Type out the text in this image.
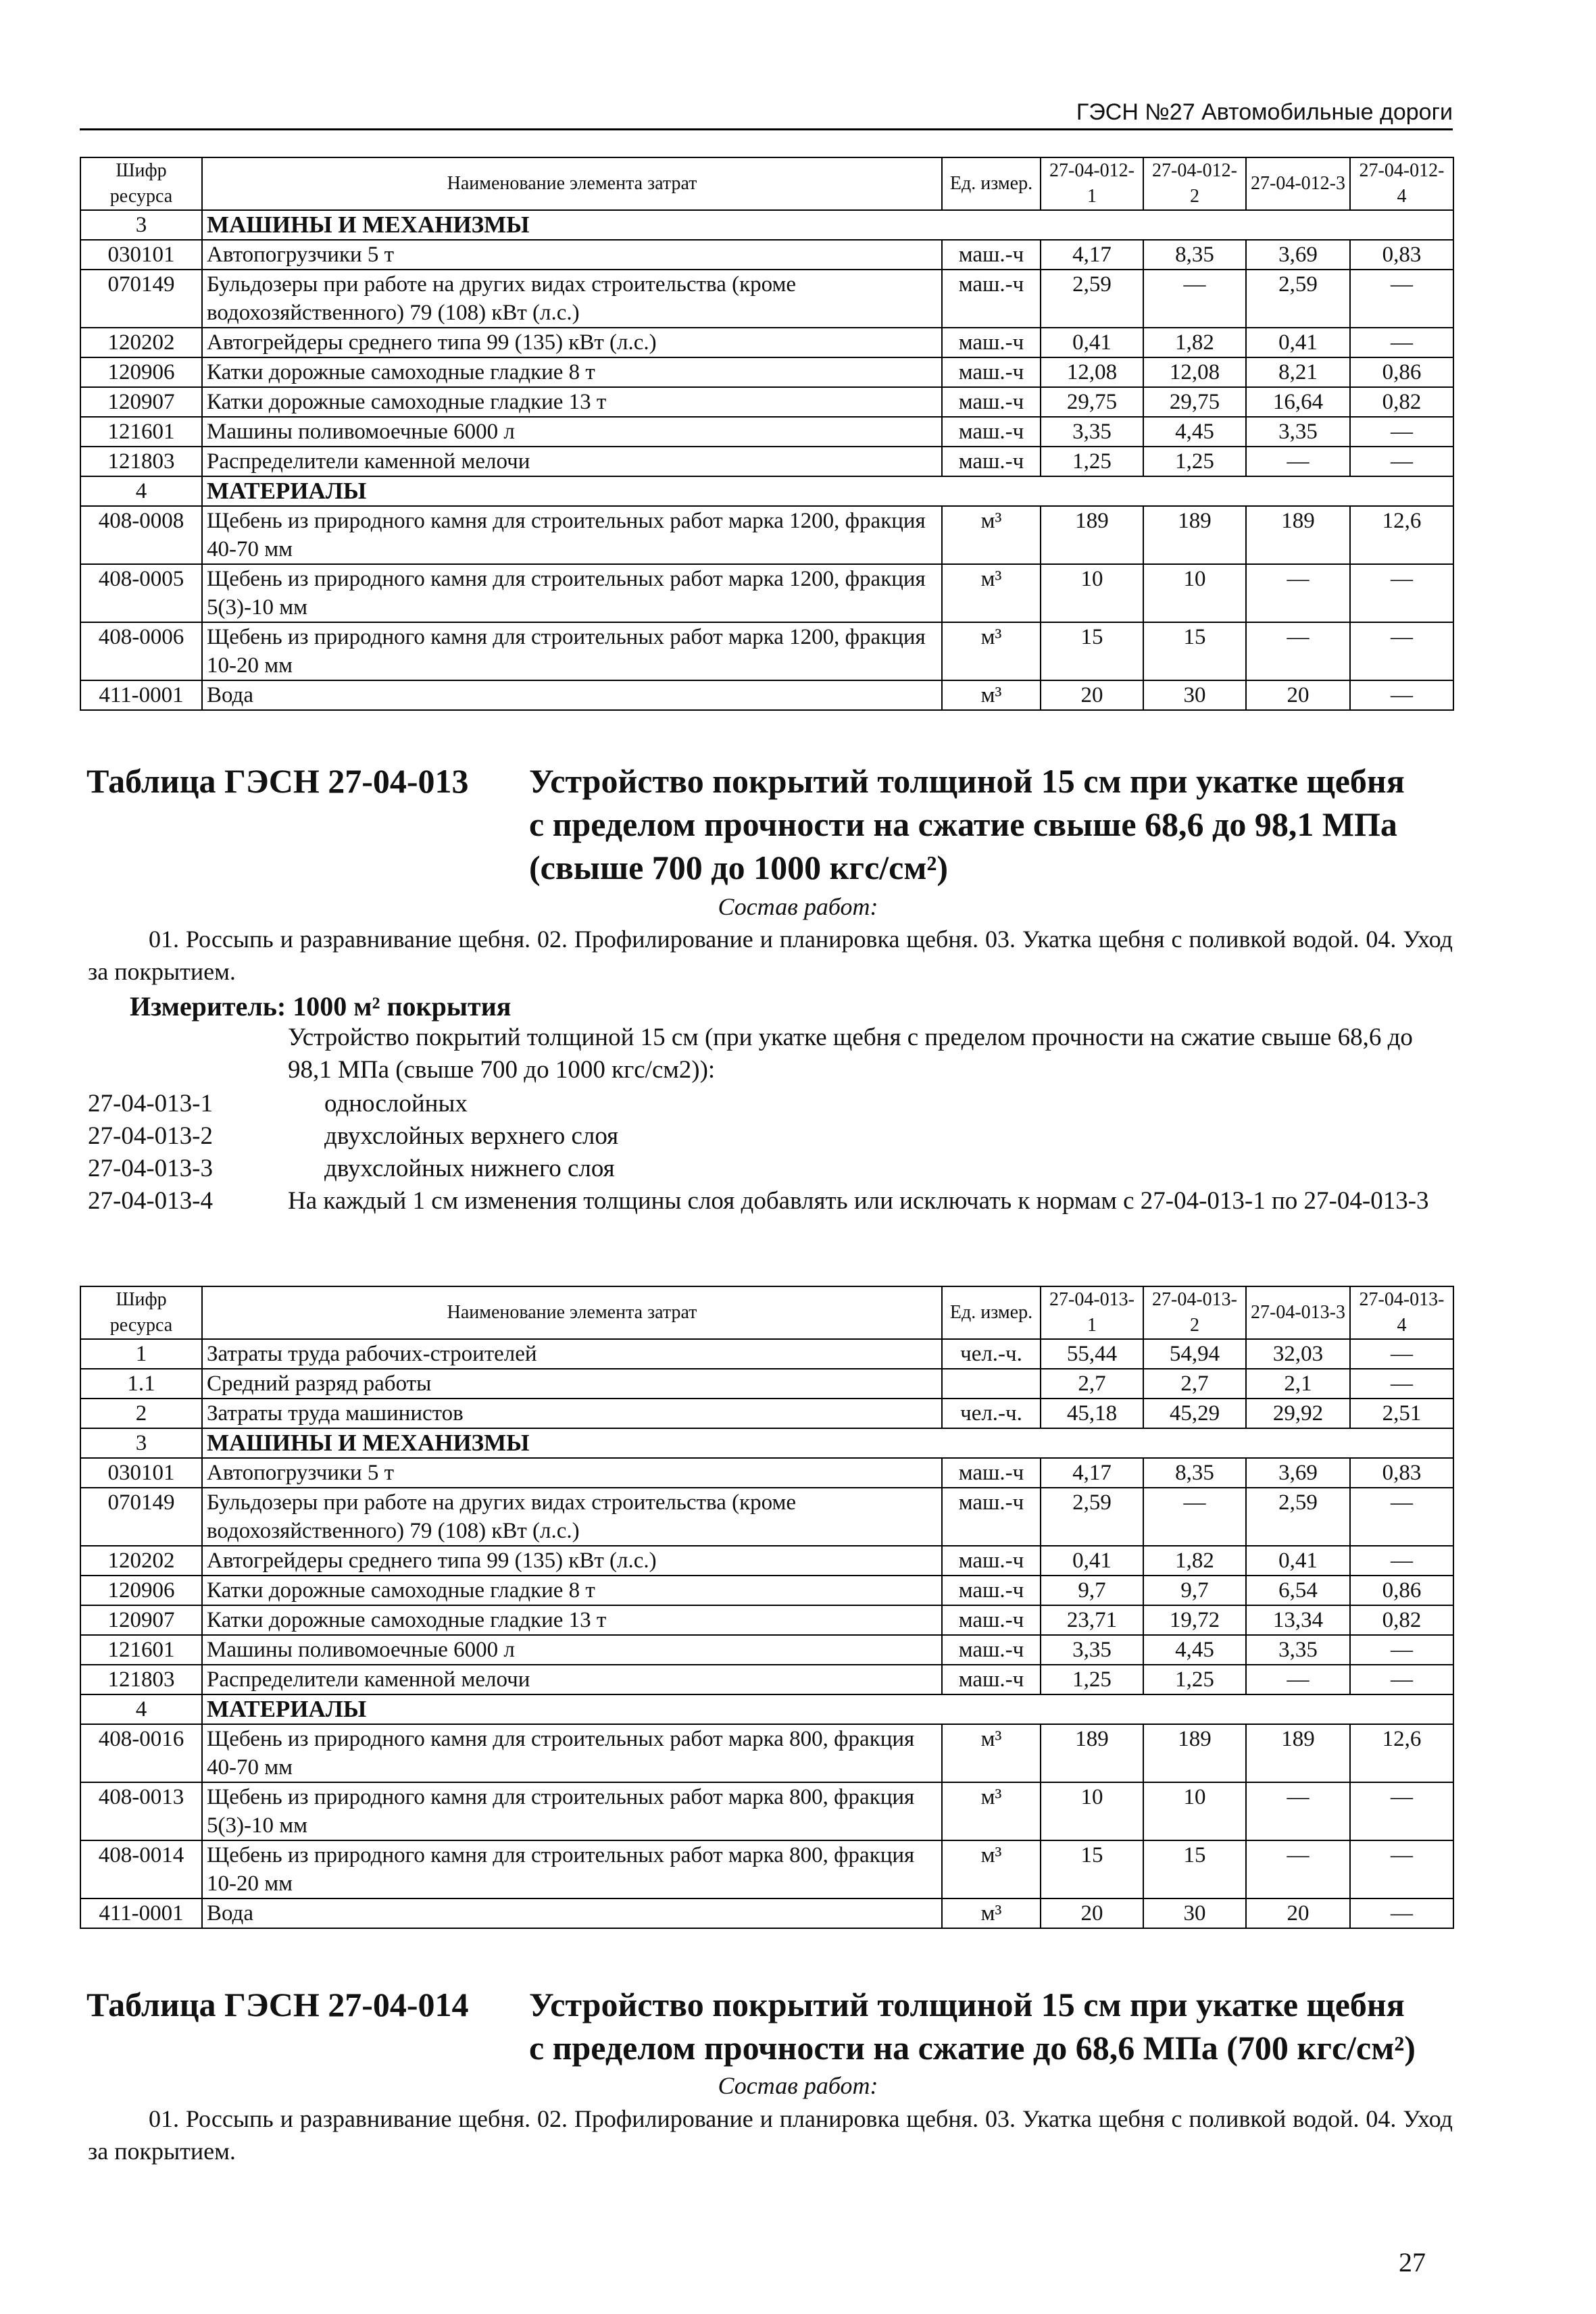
ГЭСН №27 Автомобильные дороги
Шифр ресурса	Наименование элемента затрат	Ед. измер.	27-04-012-1	27-04-012-2	27-04-012-3	27-04-012-4
3	МАШИНЫ И МЕХАНИЗМЫ					
030101	Автопогрузчики 5 т	маш.-ч	4,17	8,35	3,69	0,83
070149	Бульдозеры при работе на других видах строительства (кроме водохозяйственного) 79 (108) кВт (л.с.)	маш.-ч	2,59	—	2,59	—
120202	Автогрейдеры среднего типа 99 (135) кВт (л.с.)	маш.-ч	0,41	1,82	0,41	—
120906	Катки дорожные самоходные гладкие 8 т	маш.-ч	12,08	12,08	8,21	0,86
120907	Катки дорожные самоходные гладкие 13 т	маш.-ч	29,75	29,75	16,64	0,82
121601	Машины поливомоечные 6000 л	маш.-ч	3,35	4,45	3,35	—
121803	Распределители каменной мелочи	маш.-ч	1,25	1,25	—	—
4	МАТЕРИАЛЫ					
408-0008	Щебень из природного камня для строительных работ марка 1200, фракция 40-70 мм	м³	189	189	189	12,6
408-0005	Щебень из природного камня для строительных работ марка 1200, фракция 5(3)-10 мм	м³	10	10	—	—
408-0006	Щебень из природного камня для строительных работ марка 1200, фракция 10-20 мм	м³	15	15	—	—
411-0001	Вода	м³	20	30	20	—
Таблица ГЭСН 27-04-013 Устройство покрытий толщиной 15 см при укатке щебня
с пределом прочности на сжатие свыше 68,6 до 98,1 МПа
(свыше 700 до 1000 кгс/см²)
Состав работ:
01. Россыпь и разравнивание щебня. 02. Профилирование и планировка щебня. 03. Укатка щебня с поливкой водой. 04. Уход за покрытием.
Измеритель: 1000 м² покрытия
Устройство покрытий толщиной 15 см (при укатке щебня с пределом прочности на сжатие свыше 68,6 до 98,1 МПа (свыше 700 до 1000 кгс/см2)):
27-04-013-1	однослойных
27-04-013-2	двухслойных верхнего слоя
27-04-013-3	двухслойных нижнего слоя
27-04-013-4	На каждый 1 см изменения толщины слоя добавлять или исключать к нормам с 27-04-013-1 по 27-04-013-3
Шифр ресурса	Наименование элемента затрат	Ед. измер.	27-04-013-1	27-04-013-2	27-04-013-3	27-04-013-4
1	Затраты труда рабочих-строителей	чел.-ч.	55,44	54,94	32,03	—
1.1	Средний разряд работы		2,7	2,7	2,1	—
2	Затраты труда машинистов	чел.-ч.	45,18	45,29	29,92	2,51
3	МАШИНЫ И МЕХАНИЗМЫ					
030101	Автопогрузчики 5 т	маш.-ч	4,17	8,35	3,69	0,83
070149	Бульдозеры при работе на других видах строительства (кроме водохозяйственного) 79 (108) кВт (л.с.)	маш.-ч	2,59	—	2,59	—
120202	Автогрейдеры среднего типа 99 (135) кВт (л.с.)	маш.-ч	0,41	1,82	0,41	—
120906	Катки дорожные самоходные гладкие 8 т	маш.-ч	9,7	9,7	6,54	0,86
120907	Катки дорожные самоходные гладкие 13 т	маш.-ч	23,71	19,72	13,34	0,82
121601	Машины поливомоечные 6000 л	маш.-ч	3,35	4,45	3,35	—
121803	Распределители каменной мелочи	маш.-ч	1,25	1,25	—	—
4	МАТЕРИАЛЫ					
408-0016	Щебень из природного камня для строительных работ марка 800, фракция 40-70 мм	м³	189	189	189	12,6
408-0013	Щебень из природного камня для строительных работ марка 800, фракция 5(3)-10 мм	м³	10	10	—	—
408-0014	Щебень из природного камня для строительных работ марка 800, фракция 10-20 мм	м³	15	15	—	—
411-0001	Вода	м³	20	30	20	—
Таблица ГЭСН 27-04-014 Устройство покрытий толщиной 15 см при укатке щебня
с пределом прочности на сжатие до 68,6 МПа (700 кгс/см²)
Состав работ:
01. Россыпь и разравнивание щебня. 02. Профилирование и планировка щебня. 03. Укатка щебня с поливкой водой. 04. Уход за покрытием.
27
